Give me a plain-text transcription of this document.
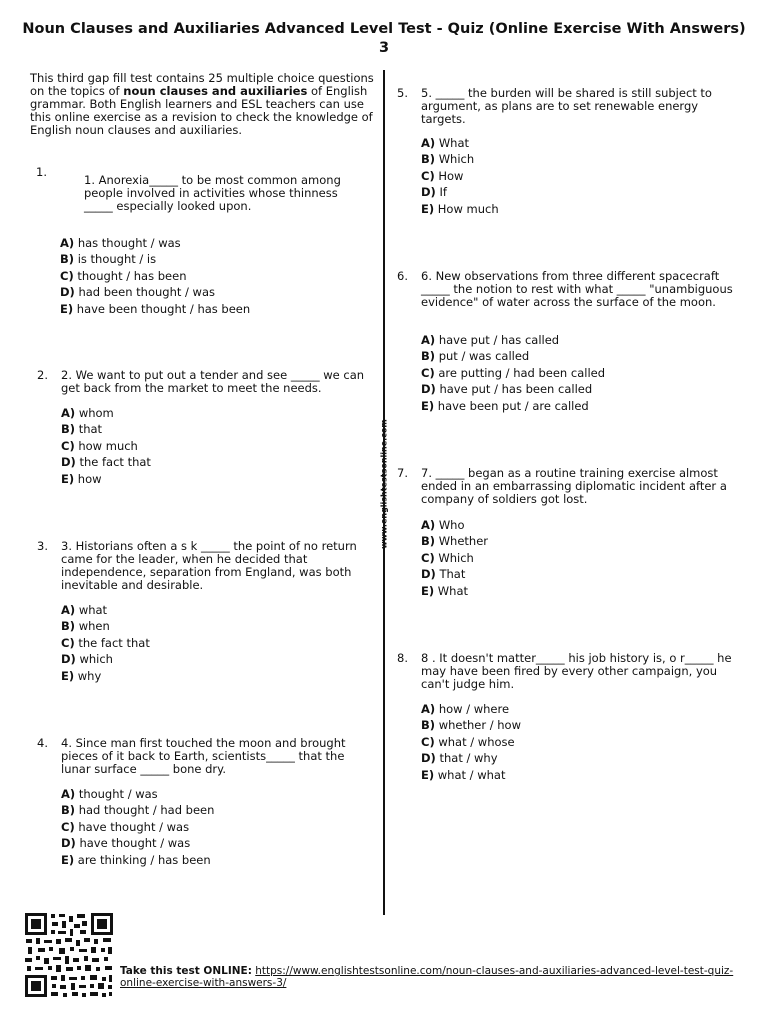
Noun Clauses and Auxiliaries Advanced Level Test - Quiz (Online Exercise With Answers) 3
This third gap fill test contains 25 multiple choice questions on the topics of noun clauses and auxiliaries of English grammar. Both English learners and ESL teachers can use this online exercise as a revision to check the knowledge of English noun clauses and auxiliaries.
www.englishtestsonline.com
1.
1. Anorexia_____ to be most common among people involved in activities whose thinness _____ especially looked upon.
A) has thought / was
B) is thought / is
C) thought / has been
D) had been thought / was
E) have been thought / has been
2. 2. We want to put out a tender and see _____ we can get back from the market to meet the needs.
A) whom
B) that
C) how much
D) the fact that
E) how
3. 3. Historians often a s k _____ the point of no return came for the leader, when he decided that independence, separation from England, was both inevitable and desirable.
A) what
B) when
C) the fact that
D) which
E) why
4. 4. Since man first touched the moon and brought pieces of it back to Earth, scientists_____ that the lunar surface _____ bone dry.
A) thought / was
B) had thought / had been
C) have thought / was
D) have thought / was
E) are thinking / has been
5. 5. _____ the burden will be shared is still subject to argument, as plans are to set renewable energy targets.
A) What
B) Which
C) How
D) If
E) How much
6. 6. New observations from three different spacecraft _____ the notion to rest with what _____ "unambiguous evidence" of water across the surface of the moon.
A) have put / has called
B) put / was called
C) are putting / had been called
D) have put / has been called
E) have been put / are called
7. 7. _____ began as a routine training exercise almost ended in an embarrassing diplomatic incident after a company of soldiers got lost.
A) Who
B) Whether
C) Which
D) That
E) What
8. 8 . It doesn't matter_____ his job history is, o r_____ he may have been fired by every other campaign, you can't judge him.
A) how / where
B) whether / how
C) what / whose
D) that / why
E) what / what
Take this test ONLINE: https://www.englishtestsonline.com/noun-clauses-and-auxiliaries-advanced-level-test-quiz-online-exercise-with-answers-3/
